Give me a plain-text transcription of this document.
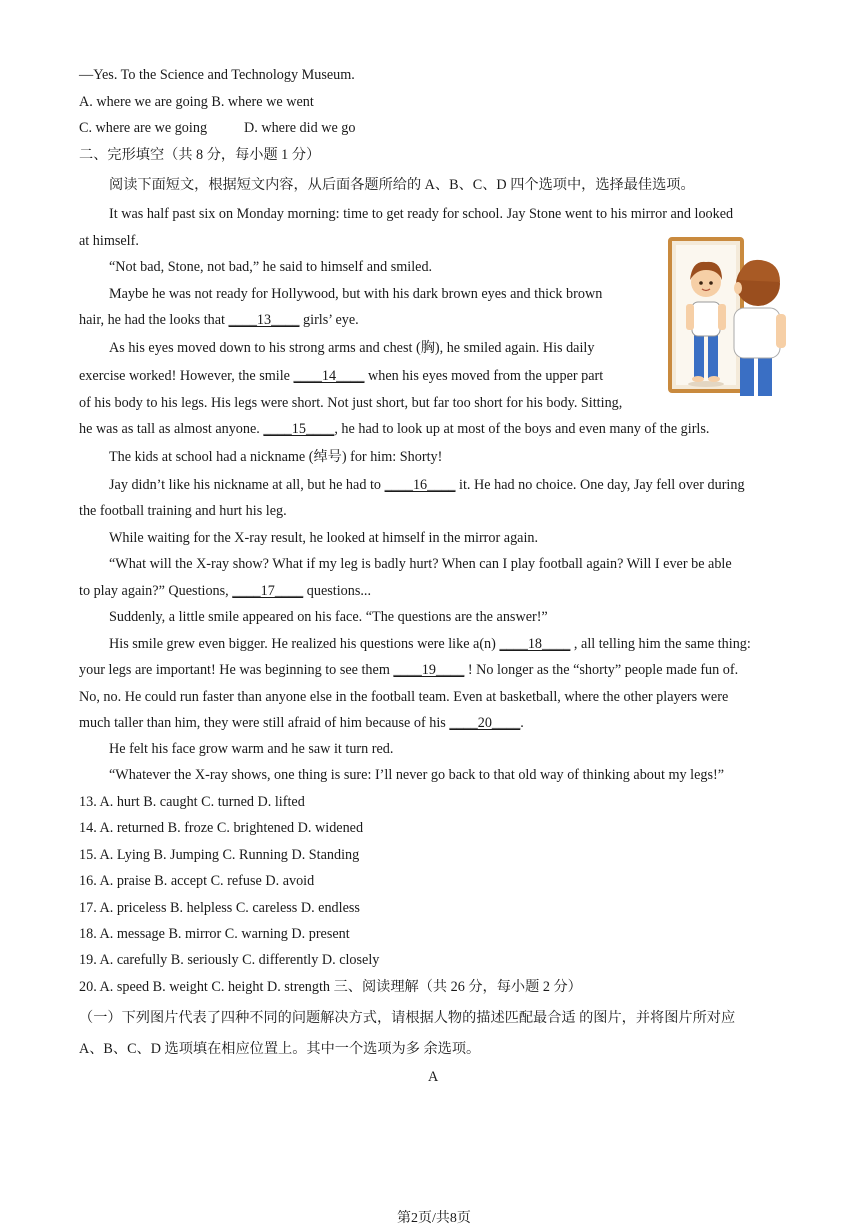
—Yes. To the Science and Technology Museum.
A. where we are going B. where we went
C. where are we going	D. where did we go
二、完形填空（共 8 分，每小题 1 分）
阅读下面短文，根据短文内容，从后面各题所给的 A、B、C、D 四个选项中，选择最佳选项。
It was half past six on Monday morning: time to get ready for school. Jay Stone went to his mirror and looked
at himself.
“Not bad, Stone, not bad,” he said to himself and smiled.
Maybe he was not ready for Hollywood, but with his dark brown eyes and thick brown
hair, he had the looks that ____13____ girls’ eye.
As his eyes moved down to his strong arms and chest (胸), he smiled again. His daily
exercise worked! However, the smile ____14____ when his eyes moved from the upper part
of his body to his legs. His legs were short. Not just short, but far too short for his body. Sitting,
he was as tall as almost anyone. ____15____, he had to look up at most of the boys and even many of the girls.
The kids at school had a nickname (绰号) for him: Shorty!
Jay didn’t like his nickname at all, but he had to ____16____ it. He had no choice. One day, Jay fell over during
the football training and hurt his leg.
While waiting for the X-ray result, he looked at himself in the mirror again.
“What will the X-ray show? What if my leg is badly hurt? When can I play football again? Will I ever be able
to play again?” Questions, ____17____ questions...
Suddenly, a little smile appeared on his face. “The questions are the answer!”
His smile grew even bigger. He realized his questions were like a(n) ____18____ , all telling him the same thing:
your legs are important! He was beginning to see them ____19____ ! No longer as the “shorty” people made fun of.
No, no. He could run faster than anyone else in the football team. Even at basketball, where the other players were
much taller than him, they were still afraid of him because of his ____20____.
He felt his face grow warm and he saw it turn red.
“Whatever the X-ray shows, one thing is sure: I’ll never go back to that old way of thinking about my legs!”
13. A. hurt B. caught C. turned D. lifted
14. A. returned B. froze C. brightened D. widened
15. A. Lying B. Jumping C. Running D. Standing
16. A. praise B. accept C. refuse D. avoid
17. A. priceless B. helpless C. careless D. endless
18. A. message B. mirror C. warning D. present
19. A. carefully B. seriously C. differently D. closely
20. A. speed B. weight C. height D. strength 三、阅读理解（共 26 分，每小题 2 分）
（一）下列图片代表了四种不同的问题解决方式，请根据人物的描述匹配最合适 的图片，并将图片所对应
A、B、C、D 选项填在相应位置上。其中一个选项为多 余选项。
A
第2页/共8页
